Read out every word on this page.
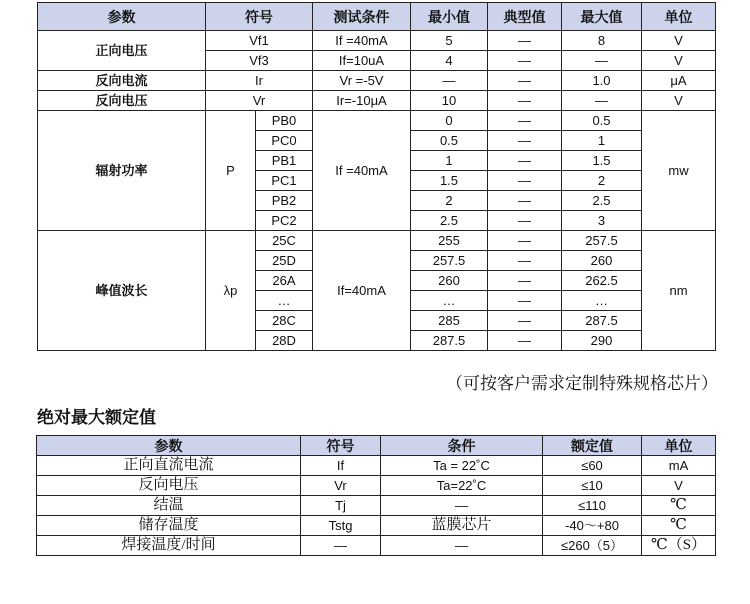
参数	符号		测试条件	最小值	典型值	最大值	单位
正向电压	Vf1		If =40mA	5	—	8	V
	Vf3		If=10uA	4	—	—	V
反向电流	Ir		Vr =-5V	—	—	1.0	μA
反向电压	Vr		Ir=-10μA	10	—	—	V
辐射功率	P	PB0	If =40mA	0	—	0.5	mw
		PC0		0.5	—	1	
		PB1		1	—	1.5	
		PC1		1.5	—	2	
		PB2		2	—	2.5	
		PC2		2.5	—	3	
峰值波长	λp	25C	If=40mA	255	—	257.5	nm
		25D		257.5	—	260	
		26A		260	—	262.5	
		…		…	—	…	
		28C		285	—	287.5	
		28D		287.5	—	290	
（可按客户需求定制特殊规格芯片）
绝对最大额定值
参数	符号	条件	额定值	单位
正向直流电流	If	Ta = 22˚C	≤60	mA
反向电压	Vr	Ta=22˚C	≤10	V
结温	Tj	—	≤110	℃
储存温度	Tstg	蓝膜芯片	-40～+80	℃
焊接温度/时间	—	—	≤260（5）	℃（S）
